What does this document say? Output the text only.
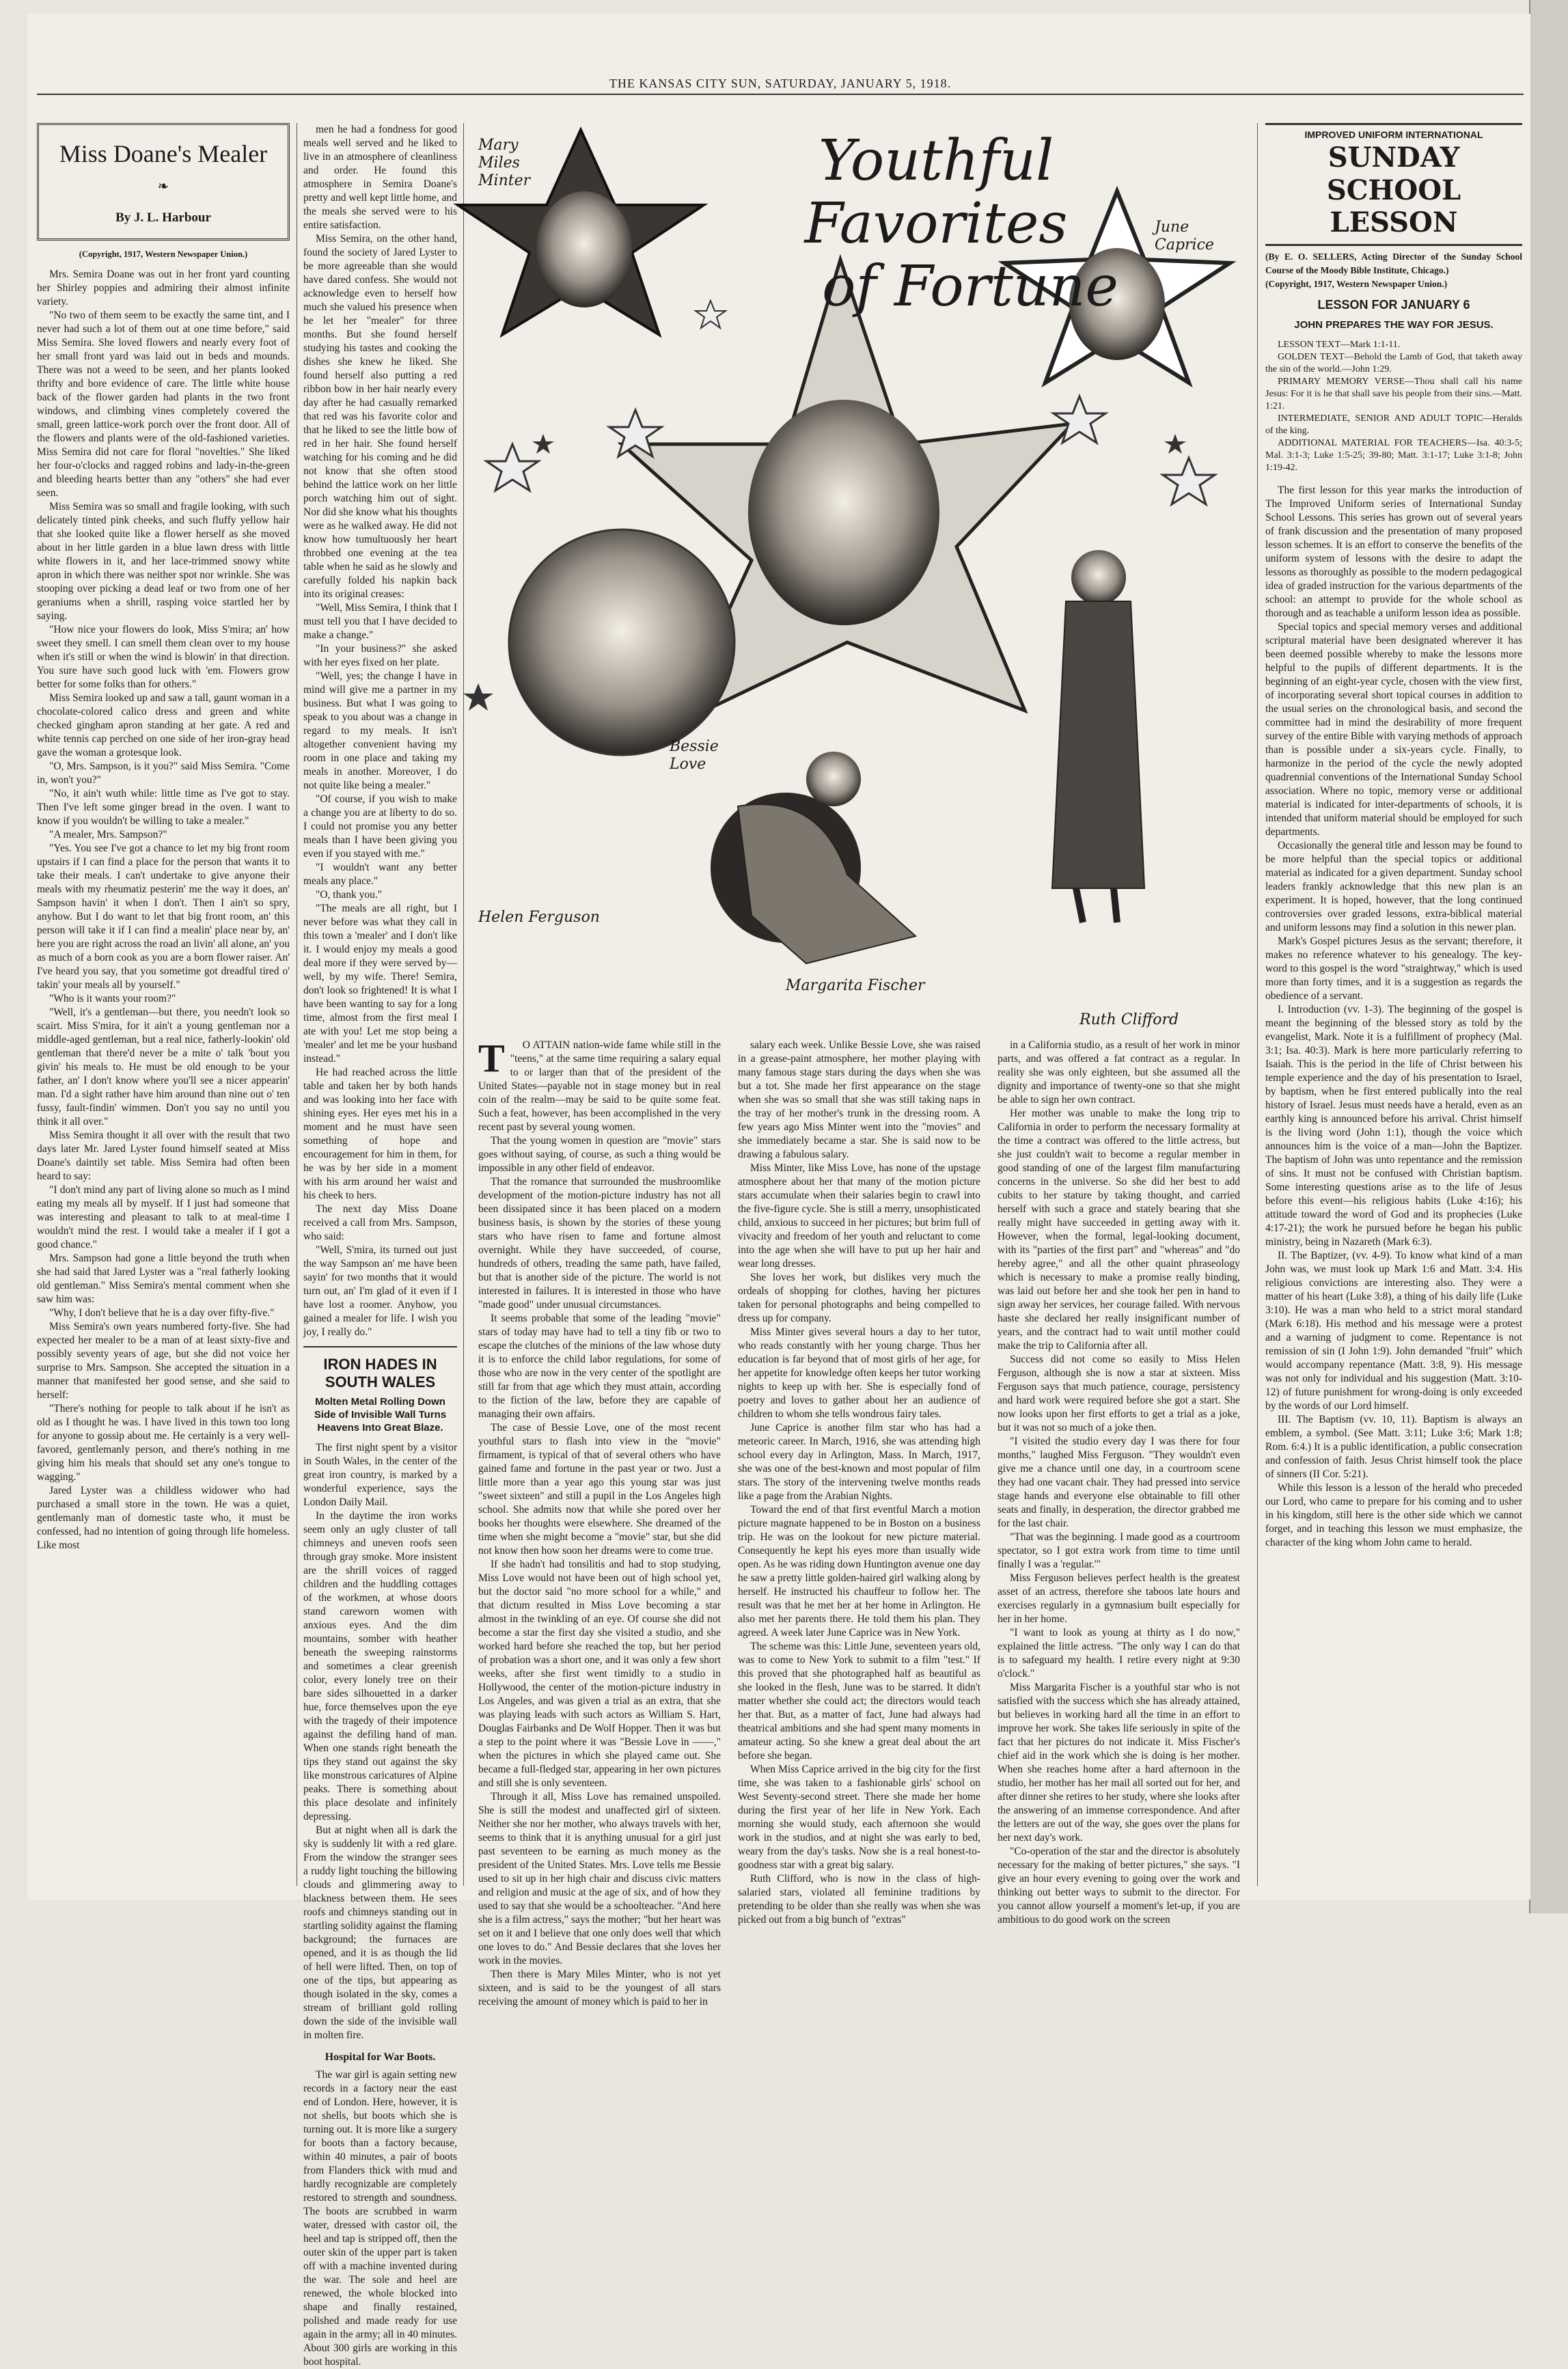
THE KANSAS CITY SUN, SATURDAY, JANUARY 5, 1918.
Miss Doane's Mealer
❧
By J. L. Harbour
(Copyright, 1917, Western Newspaper Union.)

Mrs. Semira Doane was out in her front yard counting her Shirley poppies and admiring their almost infinite variety.

"No two of them seem to be exactly the same tint, and I never had such a lot of them out at one time before," said Miss Semira. She loved flowers and nearly every foot of her small front yard was laid out in beds and mounds. There was not a weed to be seen, and her plants looked thrifty and bore evidence of care. The little white house back of the flower garden had plants in the two front windows, and climbing vines completely covered the small, green lattice-work porch over the front door. All of the flowers and plants were of the old-fashioned varieties. Miss Semira did not care for floral "novelties." She liked her four-o'clocks and ragged robins and lady-in-the-green and bleeding hearts better than any "others" she had ever seen.

Miss Semira was so small and fragile looking, with such delicately tinted pink cheeks, and such fluffy yellow hair that she looked quite like a flower herself as she moved about in her little garden in a blue lawn dress with little white flowers in it, and her lace-trimmed snowy white apron in which there was neither spot nor wrinkle. She was stooping over picking a dead leaf or two from one of her geraniums when a shrill, rasping voice startled her by saying.

"How nice your flowers do look, Miss S'mira; an' how sweet they smell. I can smell them clean over to my house when it's still or when the wind is blowin' in that direction. You sure have such good luck with 'em. Flowers grow better for some folks than for others."

Miss Semira looked up and saw a tall, gaunt woman in a chocolate-colored calico dress and green and white checked gingham apron standing at her gate. A red and white tennis cap perched on one side of her iron-gray head gave the woman a grotesque look.

"O, Mrs. Sampson, is it you?" said Miss Semira. "Come in, won't you?"

"No, it ain't wuth while: little time as I've got to stay. Then I've left some ginger bread in the oven. I want to know if you wouldn't be willing to take a mealer."

"A mealer, Mrs. Sampson?"

"Yes. You see I've got a chance to let my big front room upstairs if I can find a place for the person that wants it to take their meals. I can't undertake to give anyone their meals with my rheumatiz pesterin' me the way it does, an' Sampson havin' it when I don't. Then I ain't so spry, anyhow. But I do want to let that big front room, an' this person will take it if I can find a mealin' place near by, an' here you are right across the road an livin' all alone, an' you as much of a born cook as you are a born flower raiser. An' I've heard you say, that you sometime got dreadful tired o' takin' your meals all by yourself."

"Who is it wants your room?"

"Well, it's a gentleman—but there, you needn't look so scairt. Miss S'mira, for it ain't a young gentleman nor a middle-aged gentleman, but a real nice, fatherly-lookin' old gentleman that there'd never be a mite o' talk 'bout you givin' his meals to. He must be old enough to be your father, an' I don't know where you'll see a nicer appearin' man. I'd a sight rather have him around than nine out o' ten fussy, fault-findin' wimmen. Don't you say no until you think it all over."

Miss Semira thought it all over with the result that two days later Mr. Jared Lyster found himself seated at Miss Doane's daintily set table. Miss Semira had often been heard to say:

"I don't mind any part of living alone so much as I mind eating my meals all by myself. If I just had someone that was interesting and pleasant to talk to at meal-time I wouldn't mind the rest. I would take a mealer if I got a good chance."

Mrs. Sampson had gone a little beyond the truth when she had said that Jared Lyster was a "real fatherly looking old gentleman." Miss Semira's mental comment when she saw him was:

"Why, I don't believe that he is a day over fifty-five."

Miss Semira's own years numbered forty-five. She had expected her mealer to be a man of at least sixty-five and possibly seventy years of age, but she did not voice her surprise to Mrs. Sampson. She accepted the situation in a manner that manifested her good sense, and she said to herself:

"There's nothing for people to talk about if he isn't as old as I thought he was. I have lived in this town too long for anyone to gossip about me. He certainly is a very well-favored, gentlemanly person, and there's nothing in me giving him his meals that should set any one's tongue to wagging."

Jared Lyster was a childless widower who had purchased a small store in the town. He was a quiet, gentlemanly man of domestic taste who, it must be confessed, had no intention of going through life homeless. Like most

men he had a fondness for good meals well served and he liked to live in an atmosphere of cleanliness and order. He found this atmosphere in Semira Doane's pretty and well kept little home, and the meals she served were to his entire satisfaction.

Miss Semira, on the other hand, found the society of Jared Lyster to be more agreeable than she would have dared confess. She would not acknowledge even to herself how much she valued his presence when he let her "mealer" for three months. But she found herself studying his tastes and cooking the dishes she knew he liked. She found herself also putting a red ribbon bow in her hair nearly every day after he had casually remarked that red was his favorite color and that he liked to see the little bow of red in her hair. She found herself watching for his coming and he did not know that she often stood behind the lattice work on her little porch watching him out of sight. Nor did she know what his thoughts were as he walked away. He did not know how tumultuously her heart throbbed one evening at the tea table when he said as he slowly and carefully folded his napkin back into its original creases:

"Well, Miss Semira, I think that I must tell you that I have decided to make a change."

"In your business?" she asked with her eyes fixed on her plate.

"Well, yes; the change I have in mind will give me a partner in my business. But what I was going to speak to you about was a change in regard to my meals. It isn't altogether convenient having my room in one place and taking my meals in another. Moreover, I do not quite like being a mealer."

"Of course, if you wish to make a change you are at liberty to do so. I could not promise you any better meals than I have been giving you even if you stayed with me."

"I wouldn't want any better meals any place."

"O, thank you."

"The meals are all right, but I never before was what they call in this town a 'mealer' and I don't like it. I would enjoy my meals a good deal more if they were served by—well, by my wife. There! Semira, don't look so frightened! It is what I have been wanting to say for a long time, almost from the first meal I ate with you! Let me stop being a 'mealer' and let me be your husband instead."

He had reached across the little table and taken her by both hands and was looking into her face with shining eyes. Her eyes met his in a moment and he must have seen something of hope and encouragement for him in them, for he was by her side in a moment with his arm around her waist and his cheek to hers.

The next day Miss Doane received a call from Mrs. Sampson, who said:

"Well, S'mira, its turned out just the way Sampson an' me have been sayin' for two months that it would turn out, an' I'm glad of it even if I have lost a roomer. Anyhow, you gained a mealer for life. I wish you joy, I really do."

IRON HADES IN SOUTH WALES
Molten Metal Rolling Down Side of Invisible Wall Turns Heavens Into Great Blaze.

The first night spent by a visitor in South Wales, in the center of the great iron country, is marked by a wonderful experience, says the London Daily Mail.

In the daytime the iron works seem only an ugly cluster of tall chimneys and uneven roofs seen through gray smoke. More insistent are the shrill voices of ragged children and the huddling cottages of the workmen, at whose doors stand careworn women with anxious eyes. And the dim mountains, somber with heather beneath the sweeping rainstorms and sometimes a clear greenish color, every lonely tree on their bare sides silhouetted in a darker hue, force themselves upon the eye with the tragedy of their impotence against the defiling hand of man. When one stands right beneath the tips they stand out against the sky like monstrous caricatures of Alpine peaks. There is something about this place desolate and infinitely depressing.

But at night when all is dark the sky is suddenly lit with a red glare. From the window the stranger sees a ruddy light touching the billowing clouds and glimmering away to blackness between them. He sees roofs and chimneys standing out in startling solidity against the flaming background; the furnaces are opened, and it is as though the lid of hell were lifted. Then, on top of one of the tips, but appearing as though isolated in the sky, comes a stream of brilliant gold rolling down the side of the invisible wall in molten fire.

Hospital for War Boots.

The war girl is again setting new records in a factory near the east end of London. Here, however, it is not shells, but boots which she is turning out. It is more like a surgery for boots than a factory because, within 40 minutes, a pair of boots from Flanders thick with mud and hardly recognizable are completely restored to strength and soundness. The boots are scrubbed in warm water, dressed with castor oil, the heel and tap is stripped off, then the outer skin of the upper part is taken off with a machine invented during the war. The sole and heel are renewed, the whole blocked into shape and finally restained, polished and made ready for use again in the army; all in 40 minutes. About 300 girls are working in this boot hospital.

Youthful Favorites
of Fortune
Mary Miles Minter
June Caprice
Bessie Love
Helen Ferguson
Margarita Fischer
Ruth Clifford
T	O ATTAIN nation-wide fame while still in the "teens," at the same time requiring a salary equal to or larger than that of the president of the United States—payable not in stage money but in real coin of the realm—may be said to be quite some feat. Such a feat, however, has been accomplished in the very recent past by several young women.

That the young women in question are "movie" stars goes without saying, of course, as such a thing would be impossible in any other field of endeavor.

That the romance that surrounded the mushroomlike development of the motion-picture industry has not all been dissipated since it has been placed on a modern business basis, is shown by the stories of these young stars who have risen to fame and fortune almost overnight. While they have succeeded, of course, hundreds of others, treading the same path, have failed, but that is another side of the picture. The world is not interested in failures. It is interested in those who have "made good" under unusual circumstances.

It seems probable that some of the leading "movie" stars of today may have had to tell a tiny fib or two to escape the clutches of the minions of the law whose duty it is to enforce the child labor regulations, for some of those who are now in the very center of the spotlight are still far from that age which they must attain, according to the fiction of the law, before they are capable of managing their own affairs.

The case of Bessie Love, one of the most recent youthful stars to flash into view in the "movie" firmament, is typical of that of several others who have gained fame and fortune in the past year or two. Just a little more than a year ago this young star was just "sweet sixteen" and still a pupil in the Los Angeles high school. She admits now that while she pored over her books her thoughts were elsewhere. She dreamed of the time when she might become a "movie" star, but she did not know then how soon her dreams were to come true.

If she hadn't had tonsilitis and had to stop studying, Miss Love would not have been out of high school yet, but the doctor said "no more school for a while," and that dictum resulted in Miss Love becoming a star almost in the twinkling of an eye. Of course she did not become a star the first day she visited a studio, and she worked hard before she reached the top, but her period of probation was a short one, and it was only a few short weeks, after she first went timidly to a studio in Hollywood, the center of the motion-picture industry in Los Angeles, and was given a trial as an extra, that she was playing leads with such actors as William S. Hart, Douglas Fairbanks and De Wolf Hopper. Then it was but a step to the point where it was "Bessie Love in ——," when the pictures in which she played came out. She became a full-fledged star, appearing in her own pictures and still she is only seventeen.

Through it all, Miss Love has remained unspoiled. She is still the modest and unaffected girl of sixteen. Neither she nor her mother, who always travels with her, seems to think that it is anything unusual for a girl just past seventeen to be earning as much money as the president of the United States. Mrs. Love tells me Bessie used to sit up in her high chair and discuss civic matters and religion and music at the age of six, and of how they used to say that she would be a schoolteacher. "And here she is a film actress," says the mother; "but her heart was set on it and I believe that one only does well that which one loves to do." And Bessie declares that she loves her work in the movies.

Then there is Mary Miles Minter, who is not yet sixteen, and is said to be the youngest of all stars receiving the amount of money which is paid to her in

salary each week. Unlike Bessie Love, she was raised in a grease-paint atmosphere, her mother playing with many famous stage stars during the days when she was but a tot. She made her first appearance on the stage when she was so small that she was still taking naps in the tray of her mother's trunk in the dressing room. A few years ago Miss Minter went into the "movies" and she immediately became a star. She is said now to be drawing a fabulous salary.

Miss Minter, like Miss Love, has none of the upstage atmosphere about her that many of the motion picture stars accumulate when their salaries begin to crawl into the five-figure cycle. She is still a merry, unsophisticated child, anxious to succeed in her pictures; but brim full of vivacity and freedom of her youth and reluctant to come into the age when she will have to put up her hair and wear long dresses.

She loves her work, but dislikes very much the ordeals of shopping for clothes, having her pictures taken for personal photographs and being compelled to dress up for company.

Miss Minter gives several hours a day to her tutor, who reads constantly with her young charge. Thus her education is far beyond that of most girls of her age, for her appetite for knowledge often keeps her tutor working nights to keep up with her. She is especially fond of poetry and loves to gather about her an audience of children to whom she tells wondrous fairy tales.

June Caprice is another film star who has had a meteoric career. In March, 1916, she was attending high school every day in Arlington, Mass. In March, 1917, she was one of the best-known and most popular of film stars. The story of the intervening twelve months reads like a page from the Arabian Nights.

Toward the end of that first eventful March a motion picture magnate happened to be in Boston on a business trip. He was on the lookout for new picture material. Consequently he kept his eyes more than usually wide open. As he was riding down Huntington avenue one day he saw a pretty little golden-haired girl walking along by herself. He instructed his chauffeur to follow her. The result was that he met her at her home in Arlington. He also met her parents there. He told them his plan. They agreed. A week later June Caprice was in New York.

The scheme was this: Little June, seventeen years old, was to come to New York to submit to a film "test." If this proved that she photographed half as beautiful as she looked in the flesh, June was to be starred. It didn't matter whether she could act; the directors would teach her that. But, as a matter of fact, June had always had theatrical ambitions and she had spent many moments in amateur acting. So she knew a great deal about the art before she began.

When Miss Caprice arrived in the big city for the first time, she was taken to a fashionable girls' school on West Seventy-second street. There she made her home during the first year of her life in New York. Each morning she would study, each afternoon she would work in the studios, and at night she was early to bed, weary from the day's tasks. Now she is a real honest-to-goodness star with a great big salary.

Ruth Clifford, who is now in the class of high-salaried stars, violated all feminine traditions by pretending to be older than she really was when she was picked out from a big bunch of "extras"

in a California studio, as a result of her work in minor parts, and was offered a fat contract as a regular. In reality she was only eighteen, but she assumed all the dignity and importance of twenty-one so that she might be able to sign her own contract.

Her mother was unable to make the long trip to California in order to perform the necessary formality at the time a contract was offered to the little actress, but she just couldn't wait to become a regular member in good standing of one of the largest film manufacturing concerns in the universe. So she did her best to add cubits to her stature by taking thought, and carried herself with such a grace and stately bearing that she really might have succeeded in getting away with it. However, when the formal, legal-looking document, with its "parties of the first part" and "whereas" and "do hereby agree," and all the other quaint phraseology which is necessary to make a promise really binding, was laid out before her and she took her pen in hand to sign away her services, her courage failed. With nervous haste she declared her really insignificant number of years, and the contract had to wait until mother could make the trip to California after all.

Success did not come so easily to Miss Helen Ferguson, although she is now a star at sixteen. Miss Ferguson says that much patience, courage, persistency and hard work were required before she got a start. She now looks upon her first efforts to get a trial as a joke, but it was not so much of a joke then.

"I visited the studio every day I was there for four months," laughed Miss Ferguson. "They wouldn't even give me a chance until one day, in a courtroom scene they had one vacant chair. They had pressed into service stage hands and everyone else obtainable to fill other seats and finally, in desperation, the director grabbed me for the last chair.

"That was the beginning. I made good as a courtroom spectator, so I got extra work from time to time until finally I was a 'regular.'"

Miss Ferguson believes perfect health is the greatest asset of an actress, therefore she taboos late hours and exercises regularly in a gymnasium built especially for her in her home.

"I want to look as young at thirty as I do now," explained the little actress. "The only way I can do that is to safeguard my health. I retire every night at 9:30 o'clock."

Miss Margarita Fischer is a youthful star who is not satisfied with the success which she has already attained, but believes in working hard all the time in an effort to improve her work. She takes life seriously in spite of the fact that her pictures do not indicate it. Miss Fischer's chief aid in the work which she is doing is her mother. When she reaches home after a hard afternoon in the studio, her mother has her mail all sorted out for her, and after dinner she retires to her study, where she looks after the answering of an immense correspondence. And after the letters are out of the way, she goes over the plans for her next day's work.

"Co-operation of the star and the director is absolutely necessary for the making of better pictures," she says. "I give an hour every evening to going over the work and thinking out better ways to submit to the director. For you cannot allow yourself a moment's let-up, if you are ambitious to do good work on the screen

IMPROVED UNIFORM INTERNATIONAL
SUNDAY SCHOOL
LESSON
(By E. O. SELLERS, Acting Director of the Sunday School Course of the Moody Bible Institute, Chicago.)
(Copyright, 1917, Western Newspaper Union.)
LESSON FOR JANUARY 6
JOHN PREPARES THE WAY FOR JESUS.

LESSON TEXT—Mark 1:1-11.

GOLDEN TEXT—Behold the Lamb of God, that taketh away the sin of the world.—John 1:29.

PRIMARY MEMORY VERSE—Thou shall call his name Jesus: For it is he that shall save his people from their sins.—Matt. 1:21.

INTERMEDIATE, SENIOR AND ADULT TOPIC—Heralds of the king.

ADDITIONAL MATERIAL FOR TEACHERS—Isa. 40:3-5; Mal. 3:1-3; Luke 1:5-25; 39-80; Matt. 3:1-17; Luke 3:1-8; John 1:19-42.

The first lesson for this year marks the introduction of The Improved Uniform series of International Sunday School Lessons. This series has grown out of several years of frank discussion and the presentation of many proposed lesson schemes. It is an effort to conserve the benefits of the uniform system of lessons with the desire to adapt the lessons as thoroughly as possible to the modern pedagogical idea of graded instruction for the various departments of the school: an attempt to provide for the whole school as thorough and as teachable a uniform lesson idea as possible.

Special topics and special memory verses and additional scriptural material have been designated wherever it has been deemed possible whereby to make the lessons more helpful to the pupils of different departments. It is the beginning of an eight-year cycle, chosen with the view first, of incorporating several short topical courses in addition to the usual series on the chronological basis, and second the committee had in mind the desirability of more frequent survey of the entire Bible with varying methods of approach than is possible under a six-years cycle. Finally, to harmonize in the period of the cycle the newly adopted quadrennial conventions of the International Sunday School association. Where no topic, memory verse or additional material is indicated for inter-departments of schools, it is intended that uniform material should be employed for such departments.

Occasionally the general title and lesson may be found to be more helpful than the special topics or additional material as indicated for a given department. Sunday school leaders frankly acknowledge that this new plan is an experiment. It is hoped, however, that the long continued controversies over graded lessons, extra-biblical material and uniform lessons may find a solution in this newer plan.

Mark's Gospel pictures Jesus as the servant; therefore, it makes no reference whatever to his genealogy. The key-word to this gospel is the word "straightway," which is used more than forty times, and it is a suggestion as regards the obedience of a servant.

I. Introduction (vv. 1-3). The beginning of the gospel is meant the beginning of the blessed story as told by the evangelist, Mark. Note it is a fulfillment of prophecy (Mal. 3:1; Isa. 40:3). Mark is here more particularly referring to Isaiah. This is the period in the life of Christ between his temple experience and the day of his presentation to Israel, by baptism, when he first entered publically into the real history of Israel. Jesus must needs have a herald, even as an earthly king is announced before his arrival. Christ himself is the living word (John 1:1), though the voice which announces him is the voice of a man—John the Baptizer. The baptism of John was unto repentance and the remission of sins. It must not be confused with Christian baptism. Some interesting questions arise as to the life of Jesus before this event—his religious habits (Luke 4:16); his attitude toward the word of God and its prophecies (Luke 4:17-21); the work he pursued before he began his public ministry, being in Nazareth (Mark 6:3).

II. The Baptizer, (vv. 4-9). To know what kind of a man John was, we must look up Mark 1:6 and Matt. 3:4. His religious convictions are interesting also. They were a matter of his heart (Luke 3:8), a thing of his daily life (Luke 3:10). He was a man who held to a strict moral standard (Mark 6:18). His method and his message were a protest and a warning of judgment to come. Repentance is not remission of sin (I John 1:9). John demanded "fruit" which would accompany repentance (Matt. 3:8, 9). His message was not only for individual and his suggestion (Matt. 3:10-12) of future punishment for wrong-doing is only exceeded by the words of our Lord himself.

III. The Baptism (vv. 10, 11). Baptism is always an emblem, a symbol. (See Matt. 3:11; Luke 3:6; Mark 1:8; Rom. 6:4.) It is a public identification, a public consecration and confession of faith. Jesus Christ himself took the place of sinners (II Cor. 5:21).

While this lesson is a lesson of the herald who preceded our Lord, who came to prepare for his coming and to usher in his kingdom, still here is the other side which we cannot forget, and in teaching this lesson we must emphasize, the character of the king whom John came to herald.
